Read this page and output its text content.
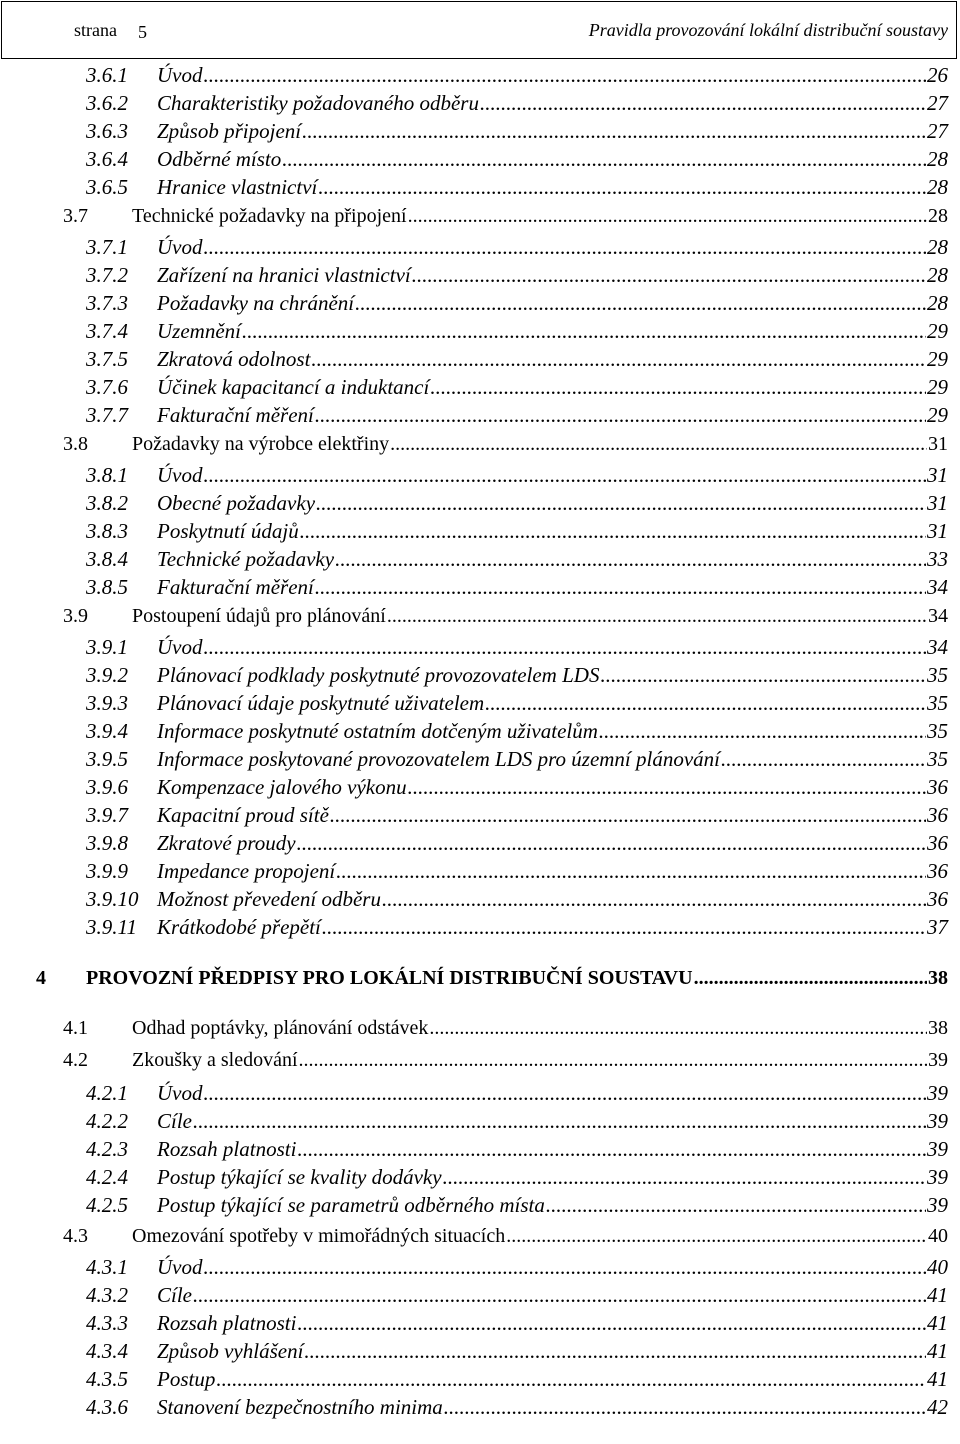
strana 5	Pravidla provozování lokální distribuční soustavy
3.6.1	Úvod .....	26
3.6.2	Charakteristiky požadovaného odběru .....	27
3.6.3	Způsob připojení .....	27
3.6.4	Odběrné místo .....	28
3.6.5	Hranice vlastnictví .....	28
3.7	Technické požadavky na připojení .....	28
3.7.1	Úvod .....	28
3.7.2	Zařízení na hranici vlastnictví .....	28
3.7.3	Požadavky na chránění .....	28
3.7.4	Uzemnění .....	29
3.7.5	Zkratová odolnost .....	29
3.7.6	Účinek kapacitancí a induktancí .....	29
3.7.7	Fakturační měření .....	29
3.8	Požadavky na výrobce elektřiny .....	31
3.8.1	Úvod .....	31
3.8.2	Obecné požadavky .....	31
3.8.3	Poskytnutí údajů .....	31
3.8.4	Technické požadavky .....	33
3.8.5	Fakturační měření .....	34
3.9	Postoupení údajů pro plánování .....	34
3.9.1	Úvod .....	34
3.9.2	Plánovací podklady poskytnuté provozovatelem LDS .....	35
3.9.3	Plánovací údaje poskytnuté uživatelem .....	35
3.9.4	Informace poskytnuté ostatním dotčeným uživatelům .....	35
3.9.5	Informace poskytované provozovatelem LDS pro územní plánování .....	35
3.9.6	Kompenzace jalového výkonu .....	36
3.9.7	Kapacitní proud sítě .....	36
3.9.8	Zkratové proudy .....	36
3.9.9	Impedance propojení .....	36
3.9.10 Možnost převedení odběru .....	36
3.9.11 Krátkodobé přepětí .....	37
4	PROVOZNÍ PŘEDPISY PRO LOKÁLNÍ DISTRIBUČNÍ SOUSTAVU .....	38
4.1	Odhad poptávky, plánování odstávek .....	38
4.2	Zkoušky a sledování .....	39
4.2.1	Úvod .....	39
4.2.2	Cíle .....	39
4.2.3	Rozsah platnosti .....	39
4.2.4	Postup týkající se kvality dodávky .....	39
4.2.5	Postup týkající se parametrů odběrného místa .....	39
4.3	Omezování spotřeby v mimořádných situacích .....	40
4.3.1	Úvod .....	40
4.3.2	Cíle .....	41
4.3.3	Rozsah platnosti .....	41
4.3.4	Způsob vyhlášení .....	41
4.3.5	Postup .....	41
4.3.6	Stanovení bezpečnostního minima .....	42
